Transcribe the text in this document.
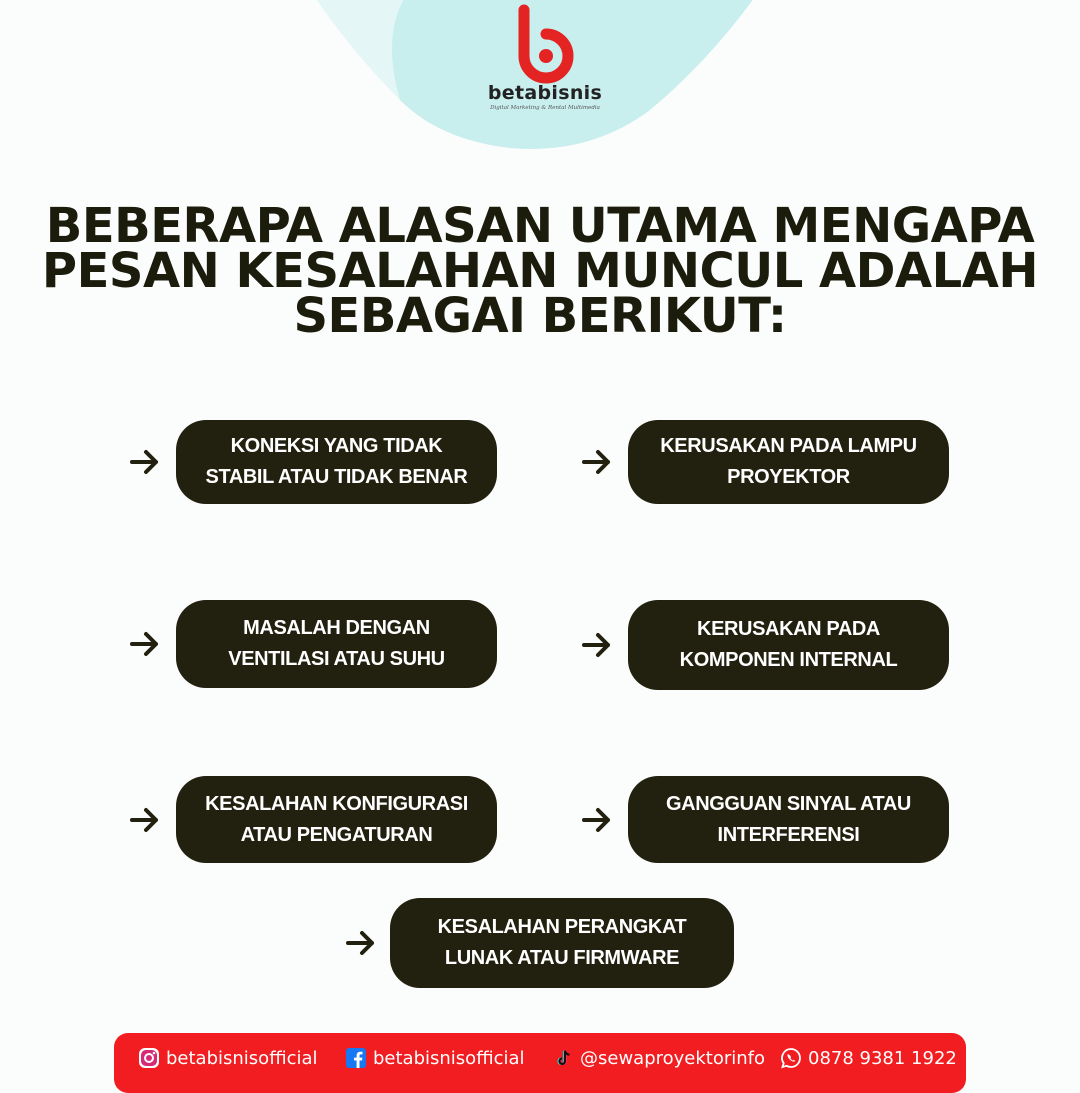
betabisnis
Digital Marketing & Rental Multimedia
BEBERAPA ALASAN UTAMA MENGAPA PESAN KESALAHAN MUNCUL ADALAH SEBAGAI BERIKUT:
KONEKSI YANG TIDAK
STABIL ATAU TIDAK BENAR
KERUSAKAN PADA LAMPU
PROYEKTOR
MASALAH DENGAN
VENTILASI ATAU SUHU
KERUSAKAN PADA
KOMPONEN INTERNAL
KESALAHAN KONFIGURASI
ATAU PENGATURAN
GANGGUAN SINYAL ATAU
INTERFERENSI
KESALAHAN PERANGKAT
LUNAK ATAU FIRMWARE
betabisnisofficial	betabisnisofficial	@sewaproyektorinfo 0878 9381 1922
